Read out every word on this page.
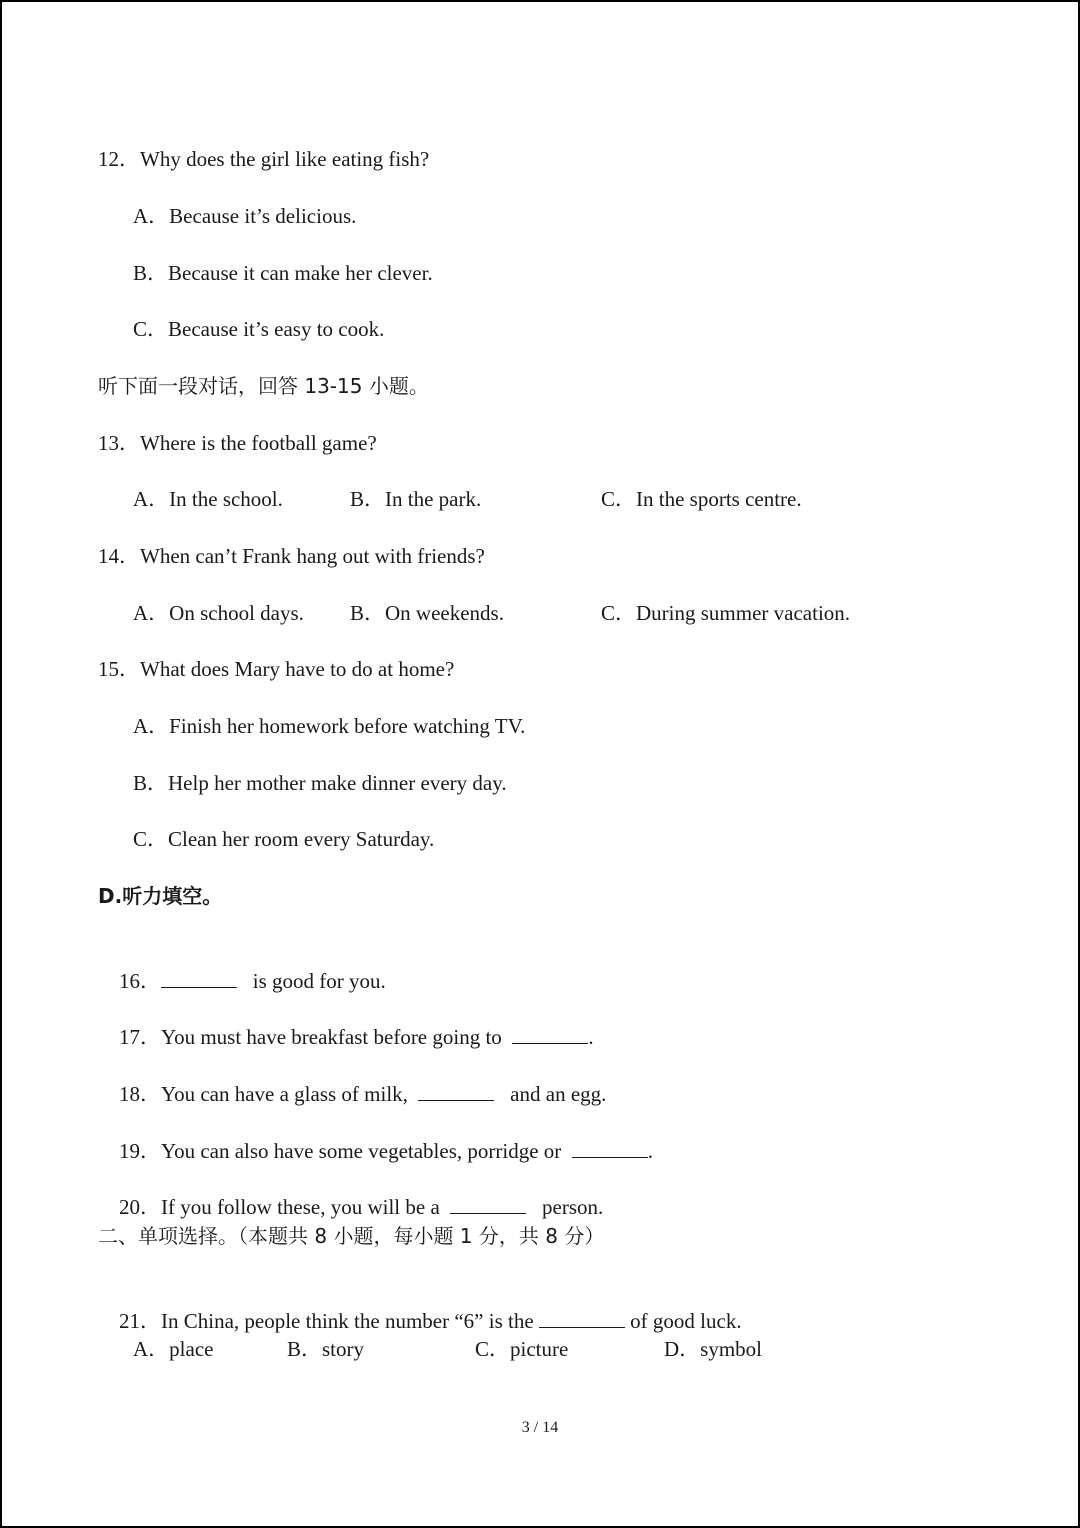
12．Why does the girl like eating fish?
A．Because it’s delicious.
B．Because it can make her clever.
C．Because it’s easy to cook.
听下面一段对话，回答 13-15 小题。
13．Where is the football game?
A．In the school.	B．In the park.	C．In the sports centre.
14．When can’t Frank hang out with friends?
A．On school days. B．On weekends.	C．During summer vacation.
15．What does Mary have to do at home?
A．Finish her homework before watching TV.
B．Help her mother make dinner every day.
C．Clean her room every Saturday.
D.听力填空。

16．	is good for you.

17．You must have breakfast before going to	.

18．You can have a glass of milk,	and an egg.

19．You can also have some vegetables, porridge or	.

20．If you follow these, you will be a	person.

二、单项选择。（本题共 8 小题，每小题 1 分，共 8 分）

21．In China, people think the number “6” is the	of good luck.

A．place	B．story	C．picture	D．symbol
3 / 14
